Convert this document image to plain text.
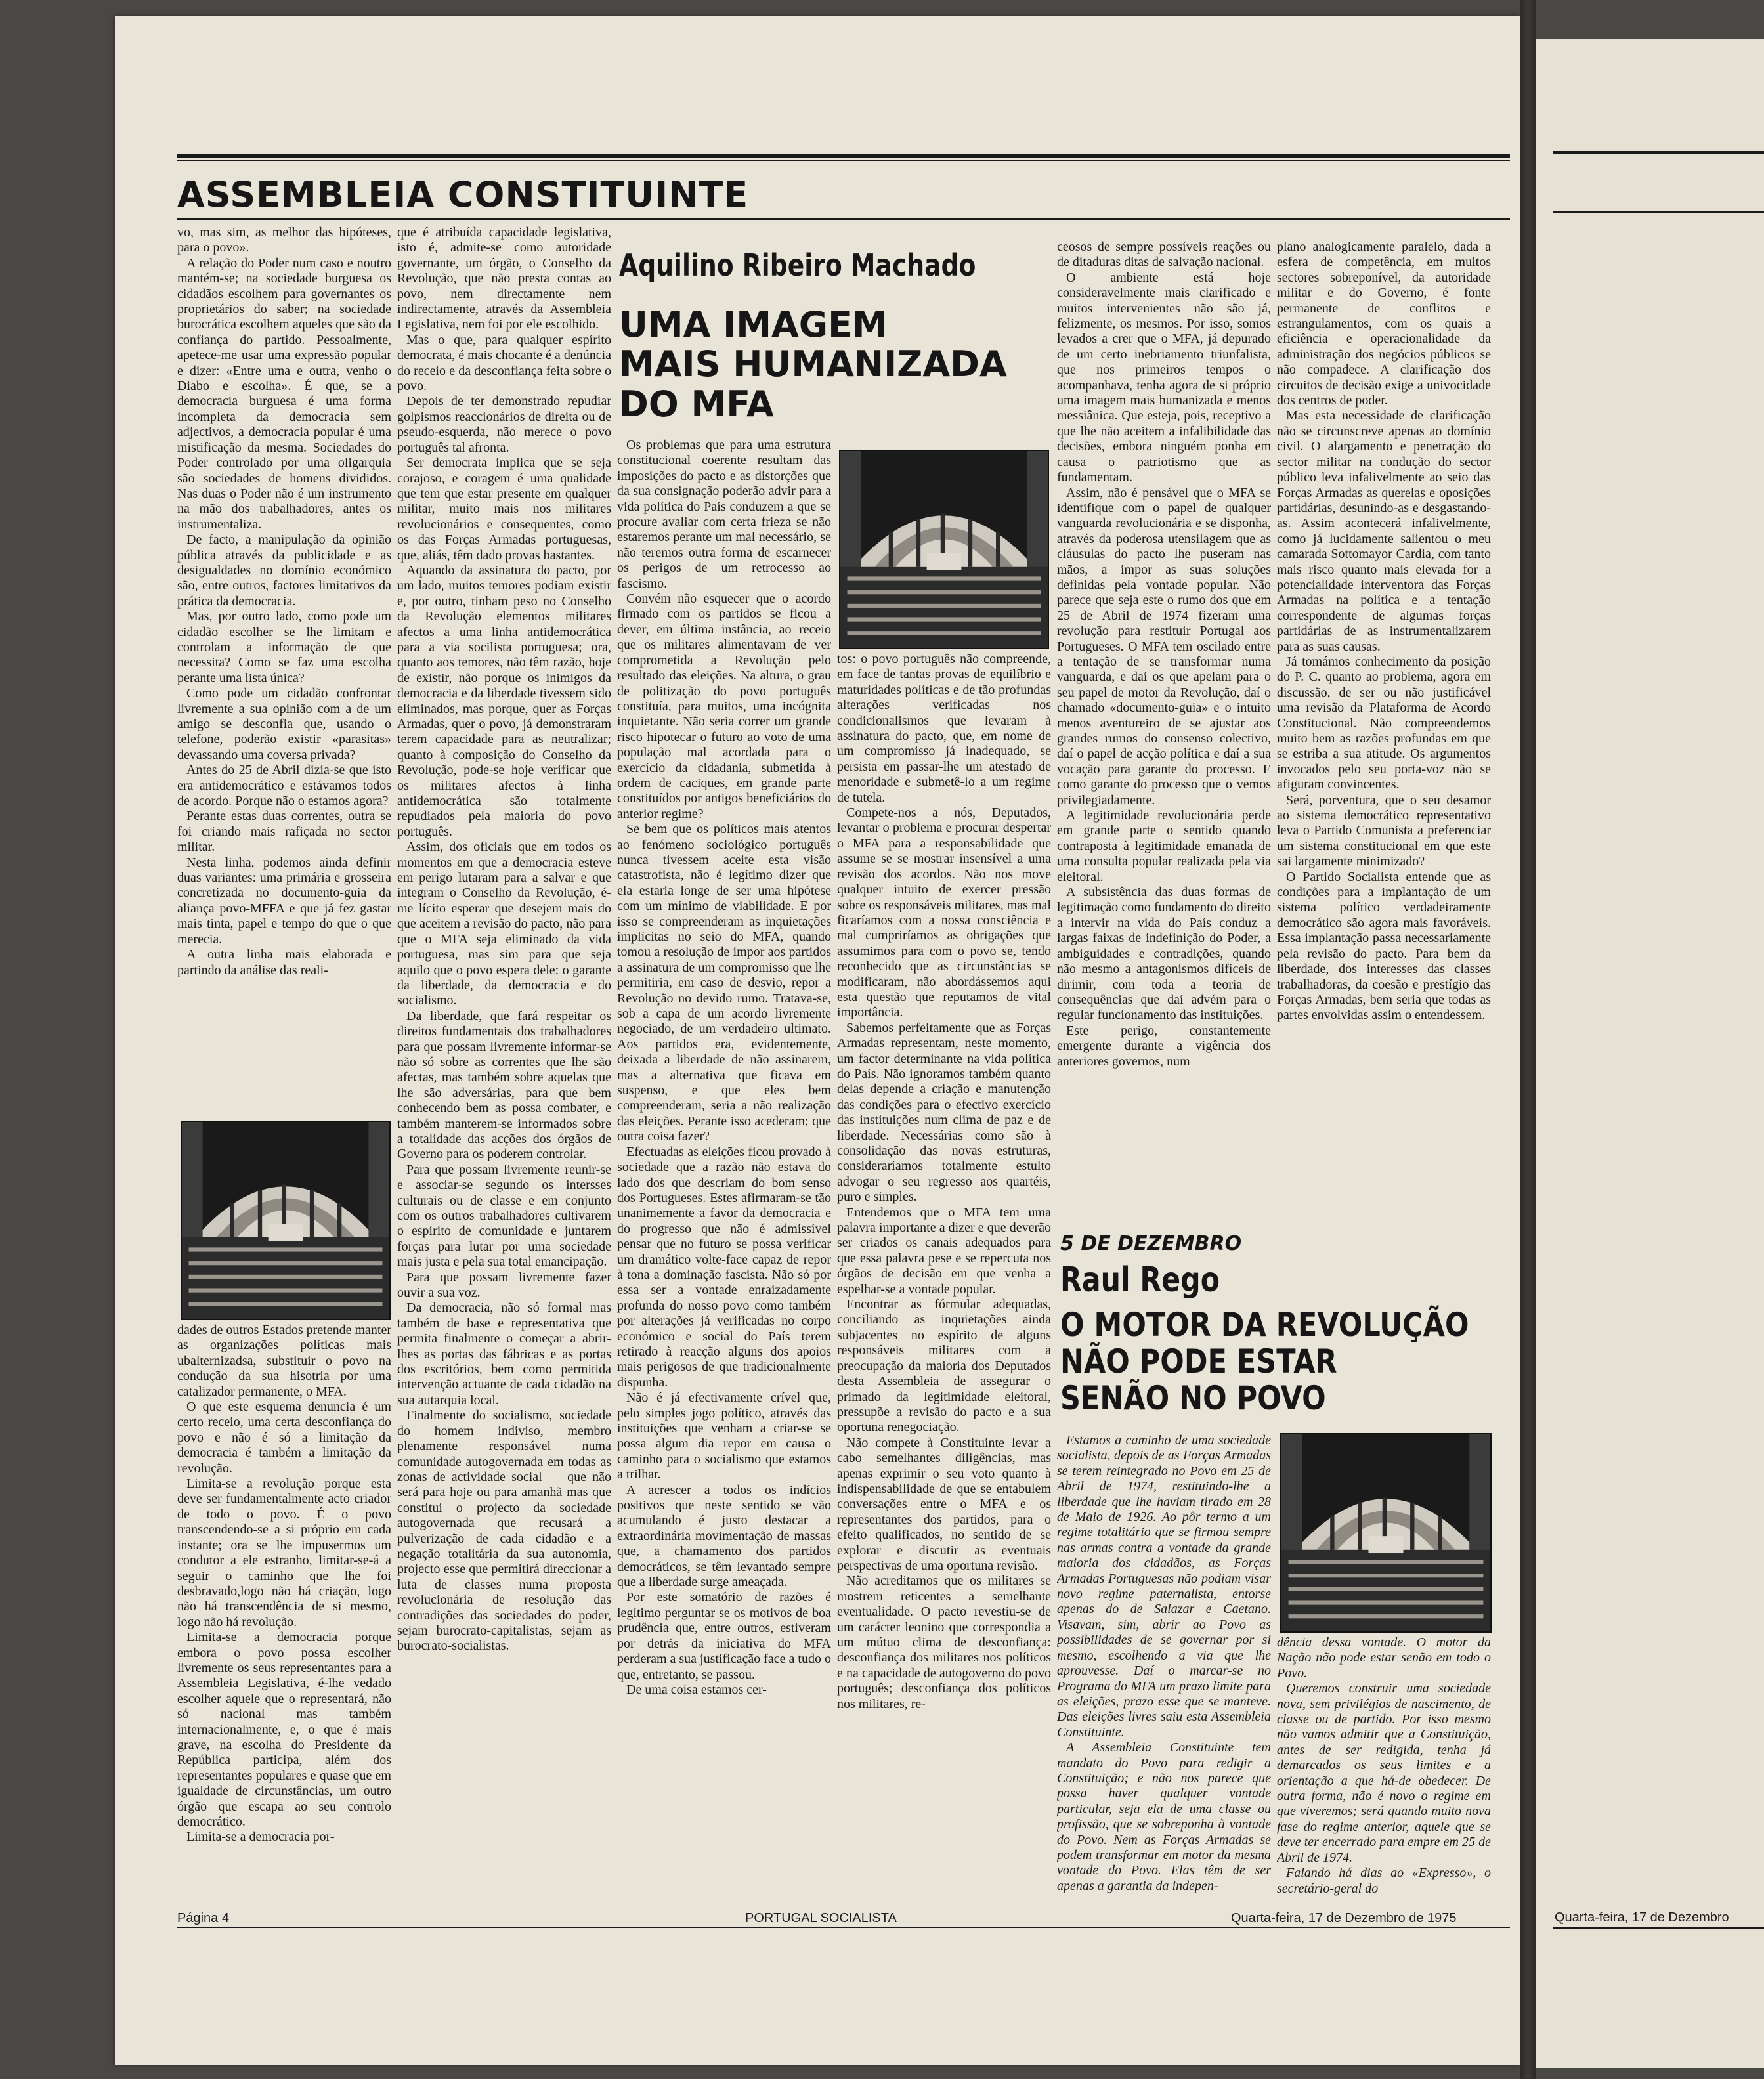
ASSEMBLEIA CONSTITUINTE

vo, mas sim, as melhor das hipóteses, para o povo».

A relação do Poder num caso e noutro mantém-se; na sociedade burguesa os cidadãos escolhem para governantes os proprietários do saber; na sociedade burocrática escolhem aqueles que são da confiança do partido. Pessoalmente, apetece-me usar uma expressão popular e dizer: «Entre uma e outra, venho o Diabo e escolha». É que, se a democracia burguesa é uma forma incompleta da democracia sem adjectivos, a democracia popular é uma mistificação da mesma. Sociedades do Poder controlado por uma oligarquia são sociedades de homens divididos. Nas duas o Poder não é um instrumento na mão dos trabalhadores, antes os instrumentaliza.

De facto, a manipulação da opinião pública através da publicidade e as desigualdades no domínio económico são, entre outros, factores limitativos da prática da democracia.

Mas, por outro lado, como pode um cidadão escolher se lhe limitam e controlam a informação de que necessita? Como se faz uma escolha perante uma lista única?

Como pode um cidadão confrontar livremente a sua opinião com a de um amigo se desconfia que, usando o telefone, poderão existir «parasitas» devassando uma coversa privada?

Antes do 25 de Abril dizia-se que isto era antidemocrático e estávamos todos de acordo. Porque não o estamos agora?

Perante estas duas correntes, outra se foi criando mais rafiçada no sector militar.

Nesta linha, podemos ainda definir duas variantes: uma primária e grosseira concretizada no documento-guia da aliança povo-MFFA e que já fez gastar mais tinta, papel e tempo do que o que merecia.

A outra linha mais elaborada e partindo da análise das reali-

dades de outros Estados pretende manter as organizações políticas mais ubalternizadsa, substituir o povo na condução da sua hisotria por uma catalizador permanente, o MFA.

O que este esquema denuncia é um certo receio, uma certa desconfiança do povo e não é só a limitação da democracia é também a limitação da revolução.

Limita-se a revolução porque esta deve ser fundamentalmente acto criador de todo o povo. É o povo transcendendo-se a si próprio em cada instante; ora se lhe impusermos um condutor a ele estranho, limitar-se-á a seguir o caminho que lhe foi desbravado,logo não há criação, logo não há transcendência de si mesmo, logo não há revolução.

Limita-se a democracia porque embora o povo possa escolher livremente os seus representantes para a Assembleia Legislativa, é-lhe vedado escolher aquele que o representará, não só nacional mas também internacionalmente, e, o que é mais grave, na escolha do Presidente da República participa, além dos representantes populares e quase que em igualdade de circunstâncias, um outro órgão que escapa ao seu controlo democrático.

Limita-se a democracia por-

que é atribuída capacidade legislativa, isto é, admite-se como autoridade governante, um órgão, o Conselho da Revolução, que não presta contas ao povo, nem directamente nem indirectamente, através da Assembleia Legislativa, nem foi por ele escolhido.

Mas o que, para qualquer espírito democrata, é mais chocante é a denúncia do receio e da desconfiança feita sobre o povo.

Depois de ter demonstrado repudiar golpismos reaccionários de direita ou de pseudo-esquerda, não merece o povo português tal afronta.

Ser democrata implica que se seja corajoso, e coragem é uma qualidade que tem que estar presente em qualquer militar, muito mais nos militares revolucionários e consequentes, como os das Forças Armadas portuguesas, que, aliás, têm dado provas bastantes.

Aquando da assinatura do pacto, por um lado, muitos temores podiam existir e, por outro, tinham peso no Conselho da Revolução elementos militares afectos a uma linha antidemocrática para a via socilista portuguesa; ora, quanto aos temores, não têm razão, hoje de existir, não porque os inimigos da democracia e da liberdade tivessem sido eliminados, mas porque, quer as Forças Armadas, quer o povo, já demonstraram terem capacidade para as neutralizar; quanto à composição do Conselho da Revolução, pode-se hoje verificar que os militares afectos à linha antidemocrática são totalmente repudiados pela maioria do povo português.

Assim, dos oficiais que em todos os momentos em que a democracia esteve em perigo lutaram para a salvar e que integram o Conselho da Revolução, é-me lícito esperar que desejem mais do que aceitem a revisão do pacto, não para que o MFA seja eliminado da vida portuguesa, mas sim para que seja aquilo que o povo espera dele: o garante da liberdade, da democracia e do socialismo.

Da liberdade, que fará respeitar os direitos fundamentais dos trabalhadores para que possam livremente informar-se não só sobre as correntes que lhe são afectas, mas também sobre aquelas que lhe são adversárias, para que bem conhecendo bem as possa combater, e também manterem-se informados sobre a totalidade das acções dos órgãos de Governo para os poderem controlar.

Para que possam livremente reunir-se e associar-se segundo os intersses culturais ou de classe e em conjunto com os outros trabalhadores cultivarem o espírito de comunidade e juntarem forças para lutar por uma sociedade mais justa e pela sua total emancipação.

Para que possam livremente fazer ouvir a sua voz.

Da democracia, não só formal mas também de base e representativa que permita finalmente o começar a abrir-lhes as portas das fábricas e as portas dos escritórios, bem como permitida intervenção actuante de cada cidadão na sua autarquia local.

Finalmente do socialismo, sociedade do homem indiviso, membro plenamente responsável numa comunidade autogovernada em todas as zonas de actividade social — que não será para hoje ou para amanhã mas que constitui o projecto da sociedade autogovernada que recusará a pulverização de cada cidadão e a negação totalitária da sua autonomia, projecto esse que permitirá direccionar a luta de classes numa proposta revolucionária de resolução das contradições das sociedades do poder, sejam burocrato-capitalistas, sejam as burocrato-socialistas.

Aquilino Ribeiro Machado
UMA IMAGEM
MAIS HUMANIZADA
DO MFA

Os problemas que para uma estrutura constitucional coerente resultam das imposições do pacto e as distorções que da sua consignação poderão advir para a vida política do País conduzem a que se procure avaliar com certa frieza se não estaremos perante um mal necessário, se não teremos outra forma de escarnecer os perigos de um retrocesso ao fascismo.

Convém não esquecer que o acordo firmado com os partidos se ficou a dever, em última instância, ao receio que os militares alimentavam de ver comprometida a Revolução pelo resultado das eleições. Na altura, o grau de politização do povo português constituía, para muitos, uma incógnita inquietante. Não seria correr um grande risco hipotecar o futuro ao voto de uma população mal acordada para o exercício da cidadania, submetida à ordem de caciques, em grande parte constituídos por antigos beneficiários do anterior regime?

Se bem que os políticos mais atentos ao fenómeno sociológico português nunca tivessem aceite esta visão catastrofista, não é legítimo dizer que ela estaria longe de ser uma hipótese com um mínimo de viabilidade. E por isso se compreenderam as inquietações implícitas no seio do MFA, quando tomou a resolução de impor aos partidos a assinatura de um compromisso que lhe permitiria, em caso de desvio, repor a Revolução no devido rumo. Tratava-se, sob a capa de um acordo livremente negociado, de um verdadeiro ultimato. Aos partidos era, evidentemente, deixada a liberdade de não assinarem, mas a alternativa que ficava em suspenso, e que eles bem compreenderam, seria a não realização das eleições. Perante isso acederam; que outra coisa fazer?

Efectuadas as eleições ficou provado à sociedade que a razão não estava do lado dos que descriam do bom senso dos Portugueses. Estes afirmaram-se tão unanimemente a favor da democracia e do progresso que não é admissível pensar que no futuro se possa verificar um dramático volte-face capaz de repor à tona a dominação fascista. Não só por essa ser a vontade enraizadamente profunda do nosso povo como também por alterações já verificadas no corpo económico e social do País terem retirado à reacção alguns dos apoios mais perigosos de que tradicionalmente dispunha.

Não é já efectivamente crível que, pelo simples jogo político, através das instituições que venham a criar-se se possa algum dia repor em causa o caminho para o socialismo que estamos a trilhar.

A acrescer a todos os indícios positivos que neste sentido se vão acumulando é justo destacar a extraordinária movimentação de massas que, a chamamento dos partidos democráticos, se têm levantado sempre que a liberdade surge ameaçada.

Por este somatório de razões é legítimo perguntar se os motivos de boa prudência que, entre outros, estiveram por detrás da iniciativa do MFA perderam a sua justificação face a tudo o que, entretanto, se passou.

De uma coisa estamos cer-

tos: o povo português não compreende, em face de tantas provas de equilíbrio e maturidades políticas e de tão profundas alterações verificadas nos condicionalismos que levaram à assinatura do pacto, que, em nome de um compromisso já inadequado, se persista em passar-lhe um atestado de menoridade e submetê-lo a um regime de tutela.

Compete-nos a nós, Deputados, levantar o problema e procurar despertar o MFA para a responsabilidade que assume se se mostrar insensível a uma revisão dos acordos. Não nos move qualquer intuito de exercer pressão sobre os responsáveis militares, mas mal ficaríamos com a nossa consciência e mal cumpriríamos as obrigações que assumimos para com o povo se, tendo reconhecido que as circunstâncias se modificaram, não abordássemos aqui esta questão que reputamos de vital importância.

Sabemos perfeitamente que as Forças Armadas representam, neste momento, um factor determinante na vida política do País. Não ignoramos também quanto delas depende a criação e manutenção das condições para o efectivo exercício das instituições num clima de paz e de liberdade. Necessárias como são à consolidação das novas estruturas, consideraríamos totalmente estulto advogar o seu regresso aos quartéis, puro e simples.

Entendemos que o MFA tem uma palavra importante a dizer e que deverão ser criados os canais adequados para que essa palavra pese e se repercuta nos órgãos de decisão em que venha a espelhar-se a vontade popular.

Encontrar as fórmular adequadas, conciliando as inquietações ainda subjacentes no espírito de alguns responsáveis militares com a preocupação da maioria dos Deputados desta Assembleia de assegurar o primado da legitimidade eleitoral, pressupõe a revisão do pacto e a sua oportuna renegociação.

Não compete à Constituinte levar a cabo semelhantes diligências, mas apenas exprimir o seu voto quanto à indispensabilidade de que se entabulem conversações entre o MFA e os representantes dos partidos, para o efeito qualificados, no sentido de se explorar e discutir as eventuais perspectivas de uma oportuna revisão.

Não acreditamos que os militares se mostrem reticentes a semelhante eventualidade. O pacto revestiu-se de um carácter leonino que correspondia a um mútuo clima de desconfiança: desconfiança dos militares nos políticos e na capacidade de autogoverno do povo português; desconfiança dos políticos nos militares, re-

ceosos de sempre possíveis reações ou de ditaduras ditas de salvação nacional.

O ambiente está hoje consideravelmente mais clarificado e muitos intervenientes não são já, felizmente, os mesmos. Por isso, somos levados a crer que o MFA, já depurado de um certo inebriamento triunfalista, que nos primeiros tempos o acompanhava, tenha agora de si próprio uma imagem mais humanizada e menos messiânica. Que esteja, pois, receptivo a que lhe não aceitem a infalibilidade das decisões, embora ninguém ponha em causa o patriotismo que as fundamentam.

Assim, não é pensável que o MFA se identifique com o papel de qualquer vanguarda revolucionária e se disponha, através da poderosa utensilagem que as cláusulas do pacto lhe puseram nas mãos, a impor as suas soluções definidas pela vontade popular. Não parece que seja este o rumo dos que em 25 de Abril de 1974 fizeram uma revolução para restituir Portugal aos Portugueses. O MFA tem oscilado entre a tentação de se transformar numa vanguarda, e daí os que apelam para o seu papel de motor da Revolução, daí o chamado «documento-guia» e o intuito menos aventureiro de se ajustar aos grandes rumos do consenso colectivo, daí o papel de acção política e daí a sua vocação para garante do processo. E como garante do processo que o vemos privilegiadamente.

A legitimidade revolucionária perde em grande parte o sentido quando contraposta à legitimidade emanada de uma consulta popular realizada pela via eleitoral.

A subsistência das duas formas de legitimação como fundamento do direito a intervir na vida do País conduz a largas faixas de indefinição do Poder, a ambiguidades e contradições, quando não mesmo a antagonismos difíceis de dirimir, com toda a teoria de consequências que daí advém para o regular funcionamento das instituições.

Este perigo, constantemente emergente durante a vigência dos anteriores governos, num

plano analogicamente paralelo, dada a esfera de competência, em muitos sectores sobreponível, da autoridade militar e do Governo, é fonte permanente de conflitos e estrangulamentos, com os quais a eficiência e operacionalidade da administração dos negócios públicos se não compadece. A clarificação dos circuitos de decisão exige a univocidade dos centros de poder.

Mas esta necessidade de clarificação não se circunscreve apenas ao domínio civil. O alargamento e penetração do sector militar na condução do sector público leva infalivelmente ao seio das Forças Armadas as querelas e oposições partidárias, desunindo-as e desgastando-as. Assim acontecerá infalivelmente, como já lucidamente salientou o meu camarada Sottomayor Cardia, com tanto mais risco quanto mais elevada for a potencialidade interventora das Forças Armadas na política e a tentação correspondente de algumas forças partidárias de as instrumentalizarem para as suas causas.

Já tomámos conhecimento da posição do P. C. quanto ao problema, agora em discussão, de ser ou não justificável uma revisão da Plataforma de Acordo Constitucional. Não compreendemos muito bem as razões profundas em que se estriba a sua atitude. Os argumentos invocados pelo seu porta-voz não se afiguram convincentes.

Será, porventura, que o seu desamor ao sistema democrático representativo leva o Partido Comunista a preferenciar um sistema constitucional em que este sai largamente minimizado?

O Partido Socialista entende que as condições para a implantação de um sistema político verdadeiramente democrático são agora mais favoráveis. Essa implantação passa necessariamente pela revisão do pacto. Para bem da liberdade, dos interesses das classes trabalhadoras, da coesão e prestígio das Forças Armadas, bem seria que todas as partes envolvidas assim o entendessem.

5 DE DEZEMBRO
Raul Rego
O MOTOR DA REVOLUÇÃO
NÃO PODE ESTAR
SENÃO NO POVO

Estamos a caminho de uma sociedade socialista, depois de as Forças Armadas se terem reintegrado no Povo em 25 de Abril de 1974, restituindo-lhe a liberdade que lhe haviam tirado em 28 de Maio de 1926. Ao pôr termo a um regime totalitário que se firmou sempre nas armas contra a vontade da grande maioria dos cidadãos, as Forças Armadas Portuguesas não podiam visar novo regime paternalista, entorse apenas do de Salazar e Caetano. Visavam, sim, abrir ao Povo as possibilidades de se governar por si mesmo, escolhendo a via que lhe aprouvesse. Daí o marcar-se no Programa do MFA um prazo limite para as eleições, prazo esse que se manteve. Das eleições livres saiu esta Assembleia Constituinte.

A Assembleia Constituinte tem mandato do Povo para redigir a Constituição; e não nos parece que possa haver qualquer vontade particular, seja ela de uma classe ou profissão, que se sobreponha à vontade do Povo. Nem as Forças Armadas se podem transformar em motor da mesma vontade do Povo. Elas têm de ser apenas a garantia da indepen-

dência dessa vontade. O motor da Nação não pode estar senão em todo o Povo.

Queremos construir uma sociedade nova, sem privilégios de nascimento, de classe ou de partido. Por isso mesmo não vamos admitir que a Constituição, antes de ser redigida, tenha já demarcados os seus limites e a orientação a que há-de obedecer. De outra forma, não é novo o regime em que viveremos; será quando muito nova fase do regime anterior, aquele que se deve ter encerrado para empre em 25 de Abril de 1974.

Falando há dias ao «Expresso», o secretário-geral do

Página 4	PORTUGAL SOCIALISTA	Quarta-feira, 17 de Dezembro de 1975	Quarta-feira, 17 de Dezembro
